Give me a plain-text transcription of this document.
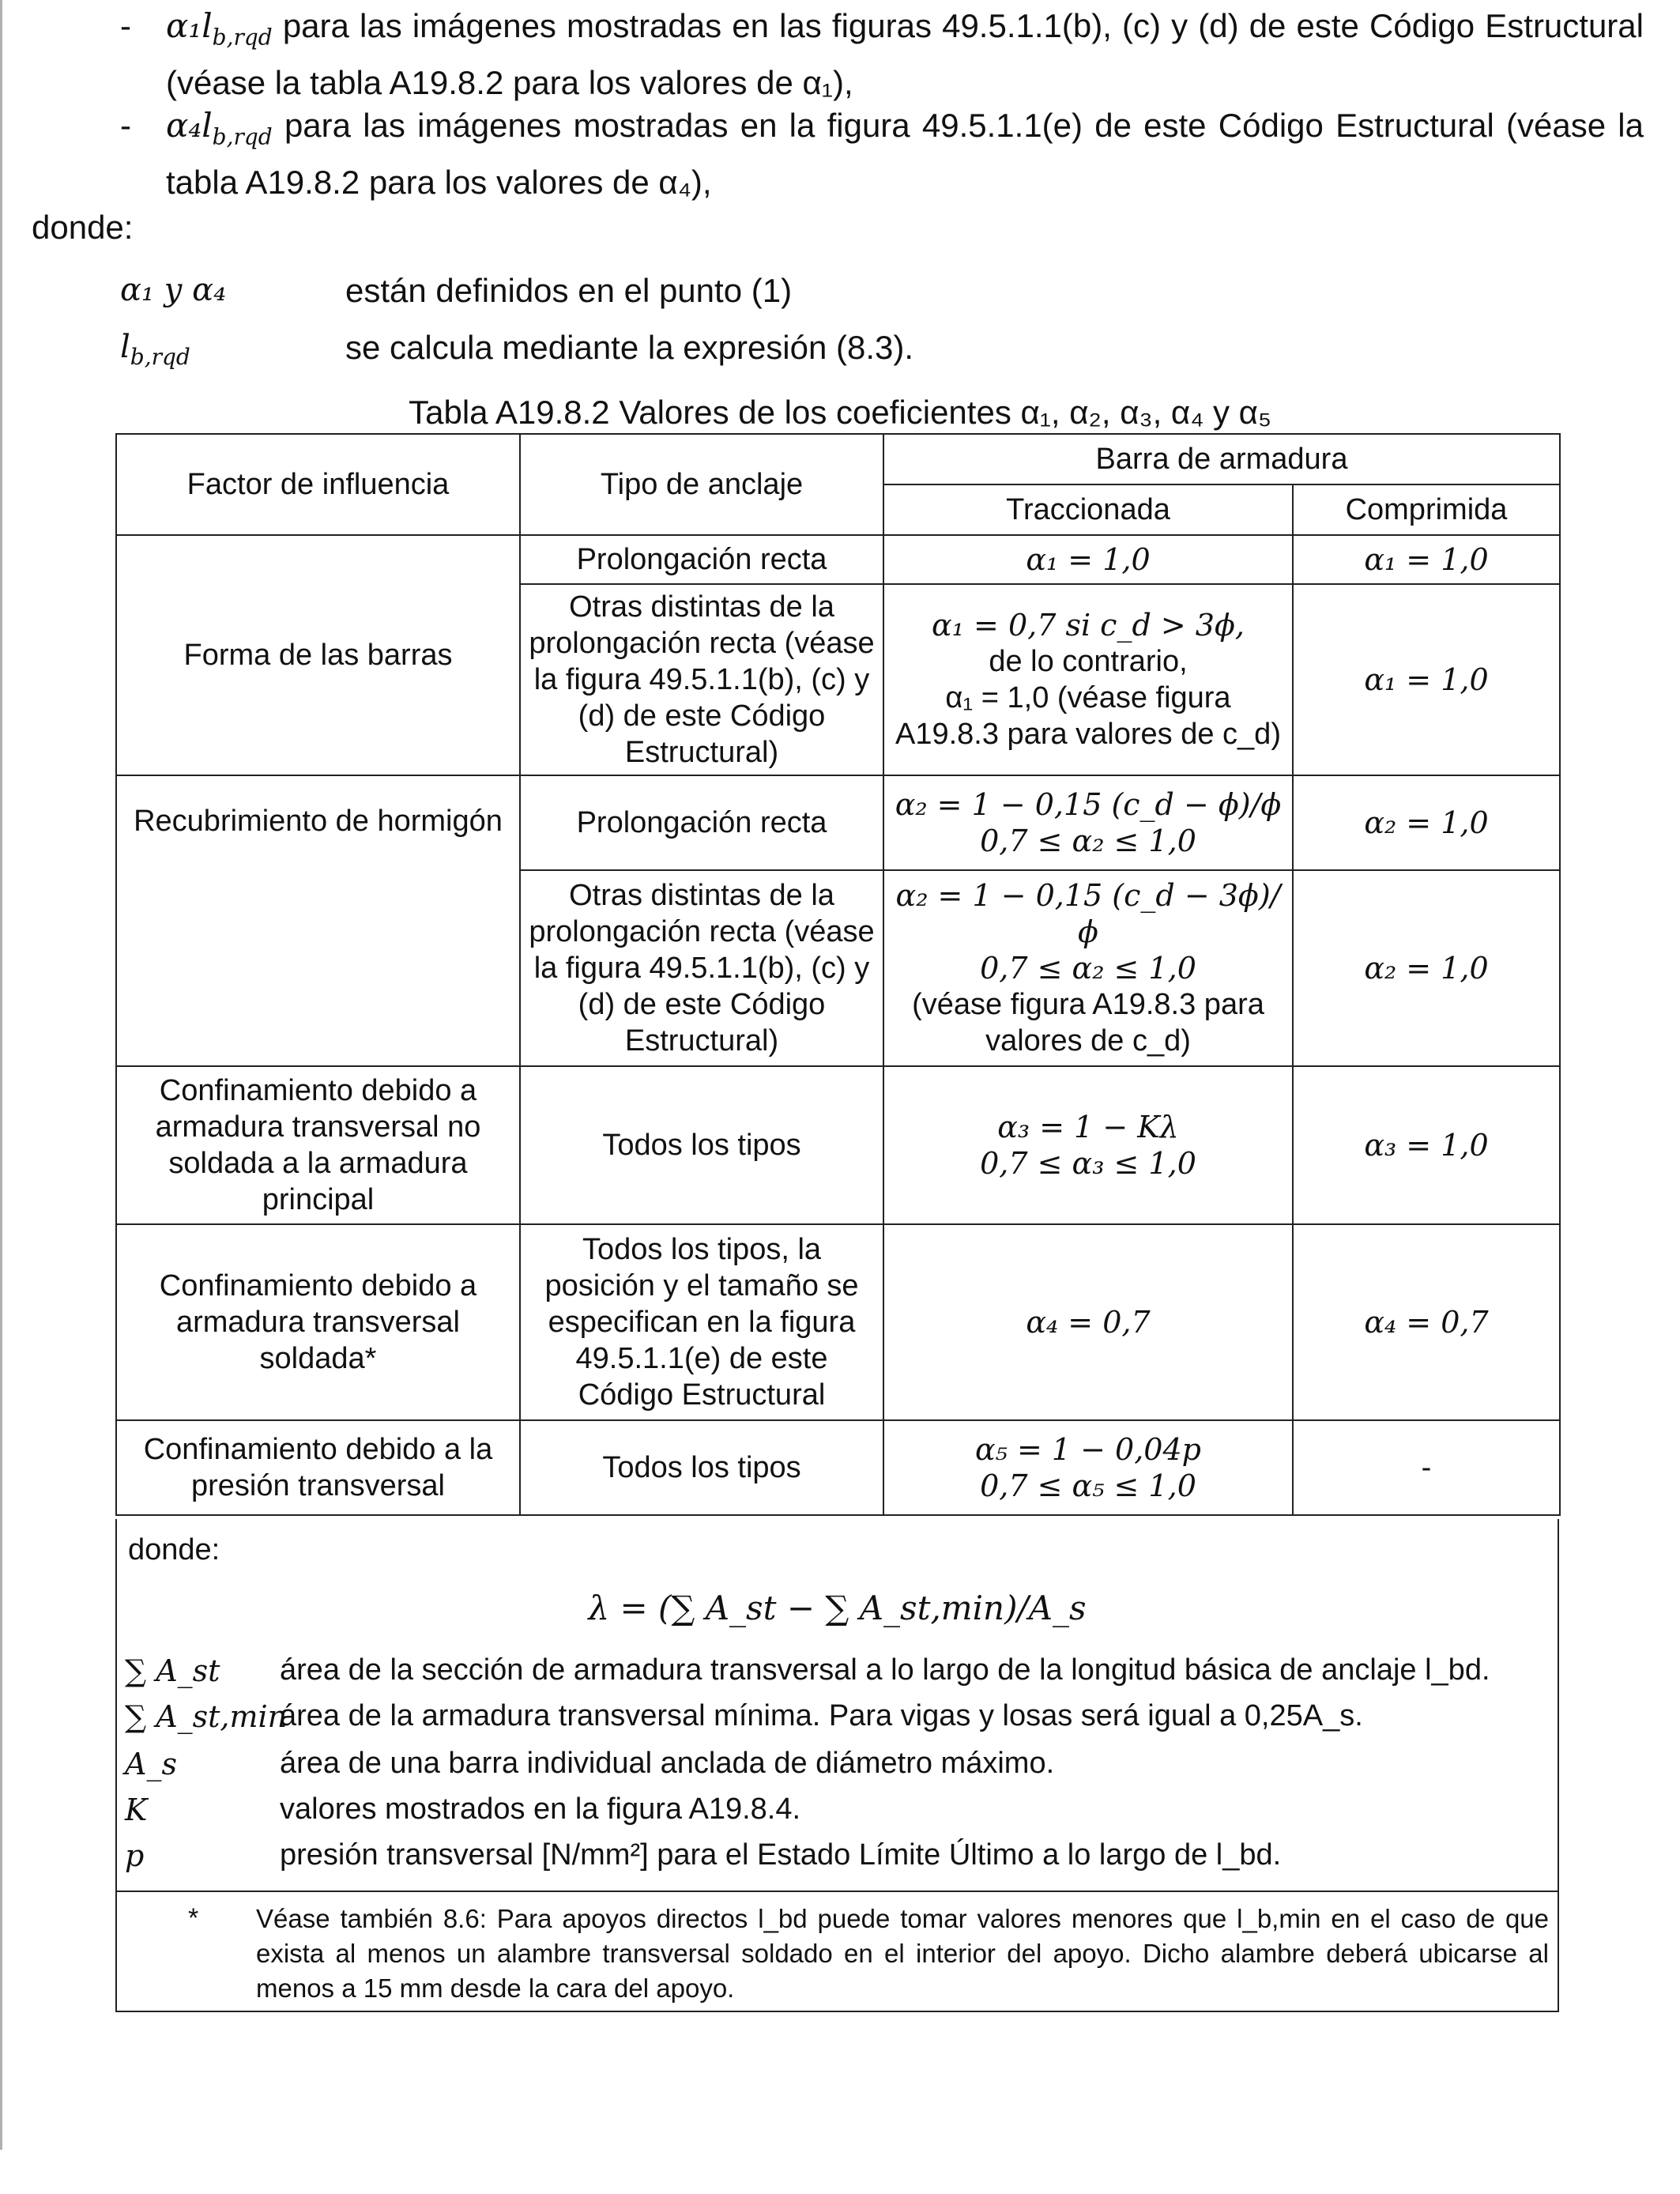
- $\alpha_1l_{b,rqd}$ para las imágenes mostradas en las figuras 49.5.1.1(b), (c) y (d) de este Código Estructural (véase la tabla A19.8.2 para los valores de α₁),
- $\alpha_4l_{b,rqd}$ para las imágenes mostradas en la figura 49.5.1.1(e) de este Código Estructural (véase la tabla A19.8.2 para los valores de α₄),
donde:
α₁ y α₄	están definidos en el punto (1)
$l_{b,rqd}$	se calcula mediante la expresión (8.3).
Tabla A19.8.2 Valores de los coeficientes α₁, α₂, α₃, α₄ y α₅
Factor de influencia	Tipo de anclaje	Barra de armadura	
		Traccionada	Comprimida
Forma de las barras	Prolongación recta	α₁ = 1,0	α₁ = 1,0
	Otras distintas de la prolongación recta (véase la figura 49.5.1.1(b), (c) y (d) de este Código Estructural)	α₁ = 0,7 si c_d > 3ϕ,
de lo contrario,
α₁ = 1,0 (véase figura
A19.8.3 para valores de c_d)	α₁ = 1,0
Recubrimiento de hormigón	Prolongación recta	α₂ = 1 − 0,15 (c_d − ϕ)/ϕ
0,7 ≤ α₂ ≤ 1,0	α₂ = 1,0
	Otras distintas de la prolongación recta (véase la figura 49.5.1.1(b), (c) y (d) de este Código Estructural)	α₂ = 1 − 0,15 (c_d − 3ϕ)/ϕ
0,7 ≤ α₂ ≤ 1,0
(véase figura A19.8.3 para
valores de c_d)	α₂ = 1,0
Confinamiento debido a armadura transversal no soldada a la armadura principal	Todos los tipos	α₃ = 1 − Kλ
0,7 ≤ α₃ ≤ 1,0	α₃ = 1,0
Confinamiento debido a armadura transversal soldada*	Todos los tipos, la posición y el tamaño se especifican en la figura 49.5.1.1(e) de este Código Estructural	α₄ = 0,7	α₄ = 0,7
Confinamiento debido a la presión transversal	Todos los tipos	α₅ = 1 − 0,04p
0,7 ≤ α₅ ≤ 1,0	-
donde:
λ = (∑ A_st − ∑ A_st,min)/A_s
∑ A_st área de la sección de armadura transversal a lo largo de la longitud básica de anclaje l_bd.
∑ A_st,min
área de la armadura transversal mínima. Para vigas y losas será igual a 0,25A_s.
A_s	área de una barra individual anclada de diámetro máximo.
K	valores mostrados en la figura A19.8.4.
p	presión transversal [N/mm²] para el Estado Límite Último a lo largo de l_bd.
* Véase también 8.6: Para apoyos directos l_bd puede tomar valores menores que l_b,min en el caso de que exista al menos un alambre transversal soldado en el interior del apoyo. Dicho alambre deberá ubicarse al menos a 15 mm desde la cara del apoyo.
